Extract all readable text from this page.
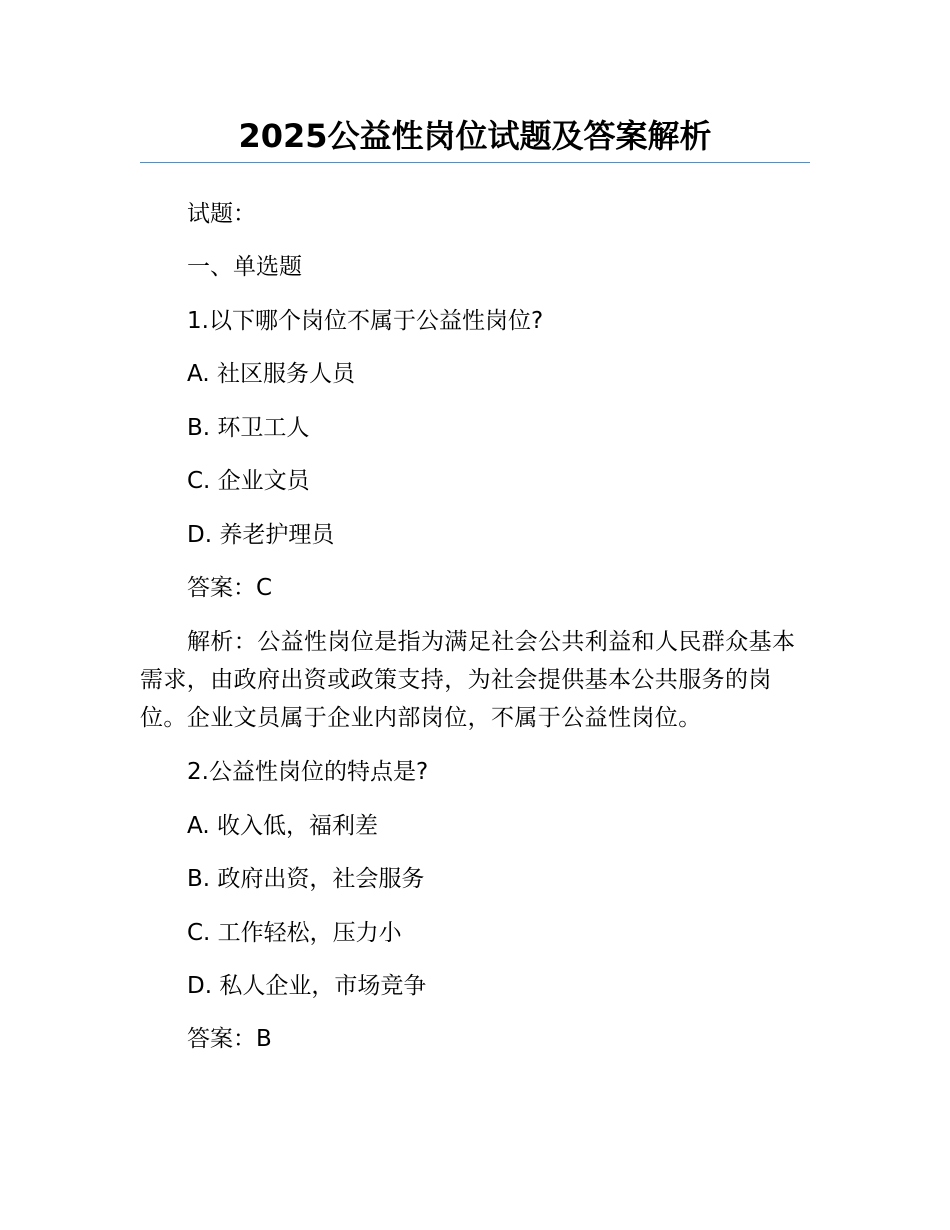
2025公益性岗位试题及答案解析
试题：
一、单选题
1.以下哪个岗位不属于公益性岗位?
A. 社区服务人员
B. 环卫工人
C. 企业文员
D. 养老护理员
答案：C
解析：公益性岗位是指为满足社会公共利益和人民群众基本需求，由政府出资或政策支持，为社会提供基本公共服务的岗位。企业文员属于企业内部岗位，不属于公益性岗位。
2.公益性岗位的特点是?
A. 收入低，福利差
B. 政府出资，社会服务
C. 工作轻松，压力小
D. 私人企业，市场竞争
答案：B
